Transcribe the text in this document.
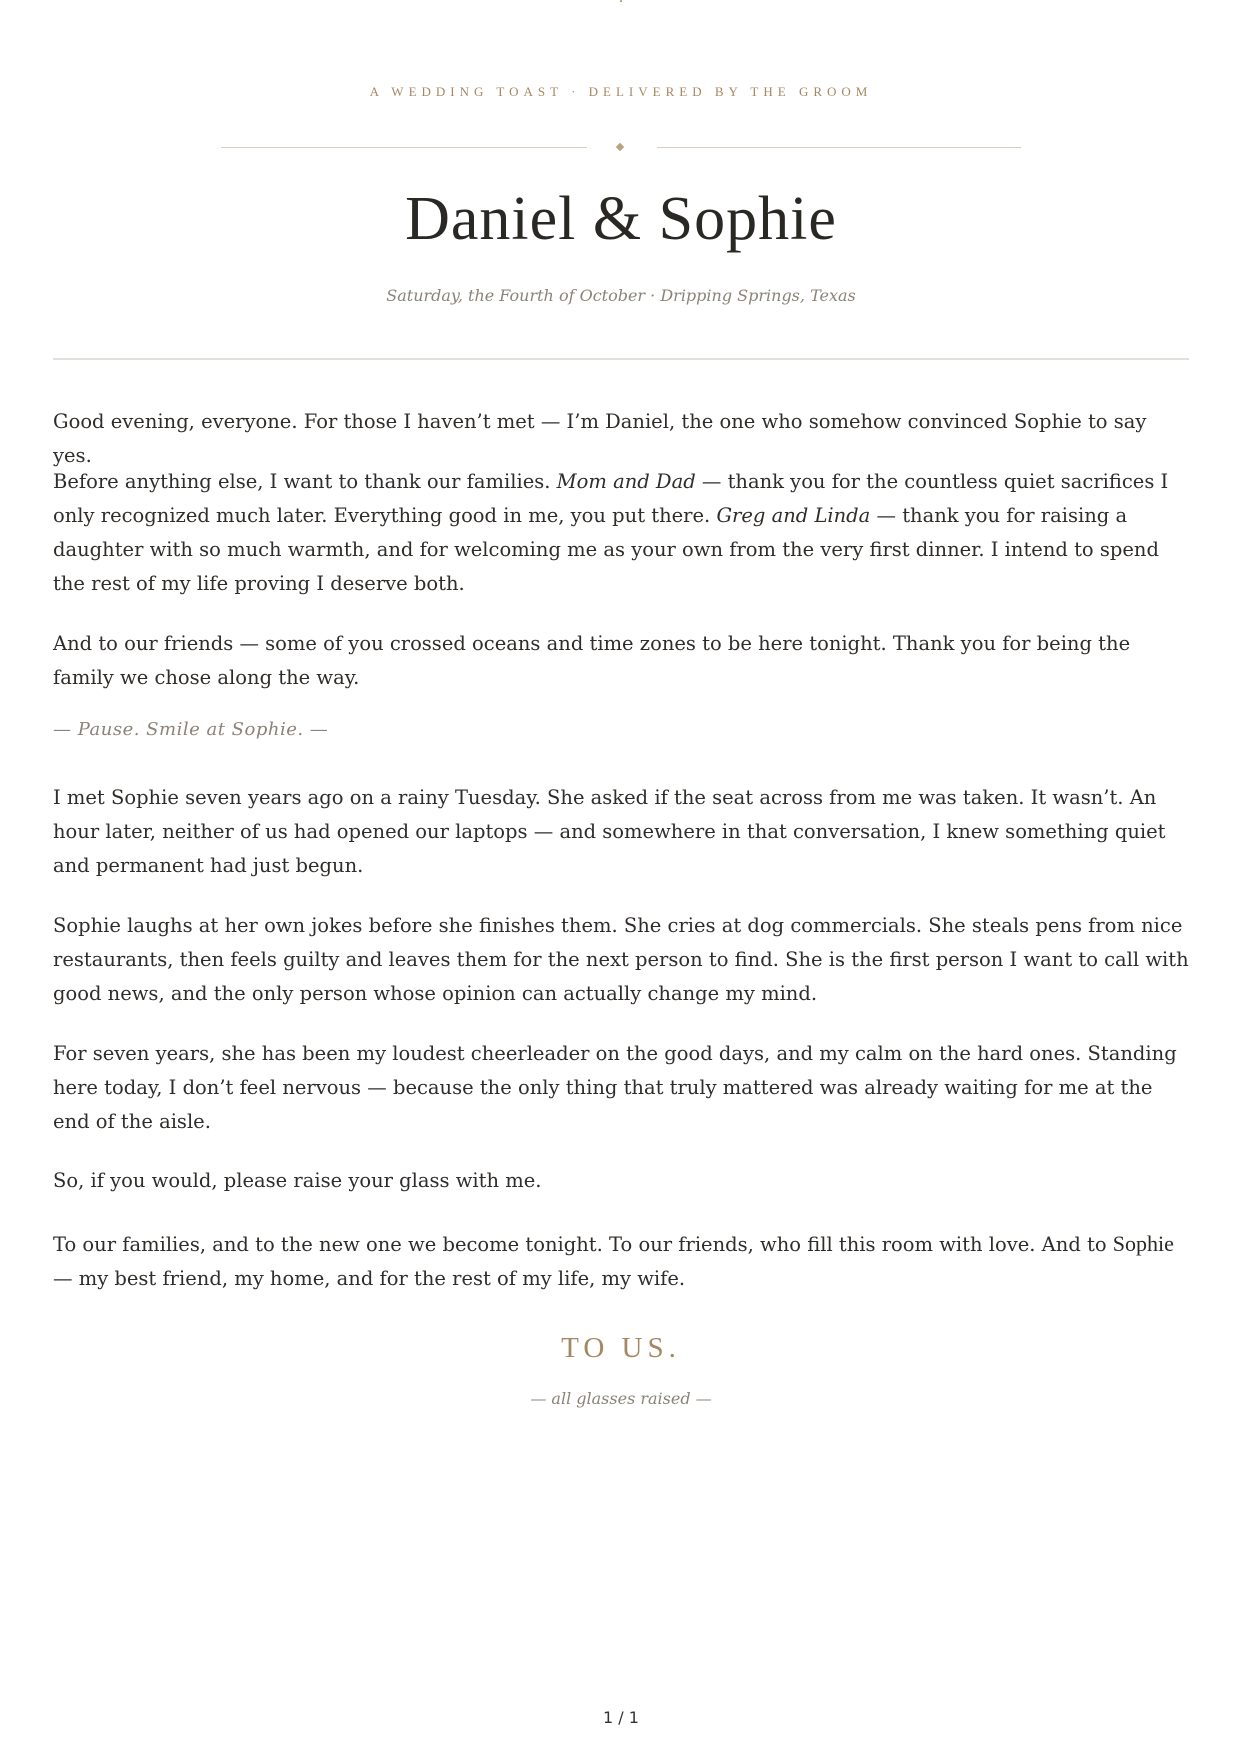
A WEDDING TOAST · DELIVERED BY THE GROOM
Daniel & Sophie
Saturday, the Fourth of October · Dripping Springs, Texas

Good evening, everyone. For those I haven’t met — I’m Daniel, the one who somehow convinced Sophie to say yes.

Before anything else, I want to thank our families. Mom and Dad — thank you for the countless quiet sacrifices I only recognized much later. Everything good in me, you put there. Greg and Linda — thank you for raising a daughter with so much warmth, and for welcoming me as your own from the very first dinner. I intend to spend the rest of my life proving I deserve both.

And to our friends — some of you crossed oceans and time zones to be here tonight. Thank you for being the family we chose along the way.

— Pause. Smile at Sophie. —

I met Sophie seven years ago on a rainy Tuesday. She asked if the seat across from me was taken. It wasn’t. An hour later, neither of us had opened our laptops — and somewhere in that conversation, I knew something quiet and permanent had just begun.

Sophie laughs at her own jokes before she finishes them. She cries at dog commercials. She steals pens from nice restaurants, then feels guilty and leaves them for the next person to find. She is the first person I want to call with good news, and the only person whose opinion can actually change my mind.

For seven years, she has been my loudest cheerleader on the good days, and my calm on the hard ones. Standing here today, I don’t feel nervous — because the only thing that truly mattered was already waiting for me at the end of the aisle.

So, if you would, please raise your glass with me.

To our families, and to the new one we become tonight. To our friends, who fill this room with love. And to Sophie — my best friend, my home, and for the rest of my life, my wife.

TO US.
— all glasses raised —
1 / 1
